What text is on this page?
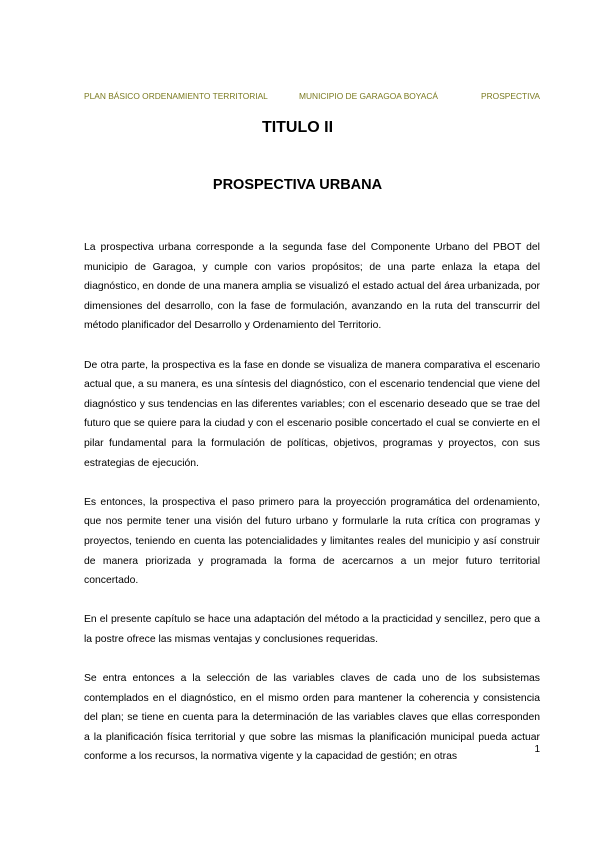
PLAN BÁSICO ORDENAMIENTO TERRITORIAL	MUNICIPIO DE GARAGOA BOYACÁ	PROSPECTIVA
TITULO II
PROSPECTIVA URBANA

La prospectiva urbana corresponde a la segunda fase del Componente Urbano del PBOT del municipio de Garagoa, y cumple con varios propósitos; de una parte enlaza la etapa del diagnóstico, en donde de una manera amplia se visualizó el estado actual del área urbanizada, por dimensiones del desarrollo, con la fase de formulación, avanzando en la ruta del transcurrir del método planificador del Desarrollo y Ordenamiento del Territorio.

De otra parte, la prospectiva es la fase en donde se visualiza de manera comparativa el escenario actual que, a su manera, es una síntesis del diagnóstico, con el escenario tendencial que viene del diagnóstico y sus tendencias en las diferentes variables; con el escenario deseado que se trae del futuro que se quiere para la ciudad y con el escenario posible concertado el cual se convierte en el pilar fundamental para la formulación de políticas, objetivos, programas y proyectos, con sus estrategias de ejecución.

Es entonces, la prospectiva el paso primero para la proyección programática del ordenamiento, que nos permite tener una visión del futuro urbano y formularle la ruta crítica con programas y proyectos, teniendo en cuenta las potencialidades y limitantes reales del municipio y así construir de manera priorizada y programada la forma de acercarnos a un mejor futuro territorial concertado.

En el presente capítulo se hace una adaptación del método a la practicidad y sencillez, pero que a la postre ofrece las mismas ventajas y conclusiones requeridas.

Se entra entonces a la selección de las variables claves de cada uno de los subsistemas contemplados en el diagnóstico, en el mismo orden para mantener la coherencia y consistencia del plan; se tiene en cuenta para la determinación de las variables claves que ellas corresponden a la planificación física territorial y que sobre las mismas la planificación municipal pueda actuar conforme a los recursos, la normativa vigente y la capacidad de gestión; en otras

1
